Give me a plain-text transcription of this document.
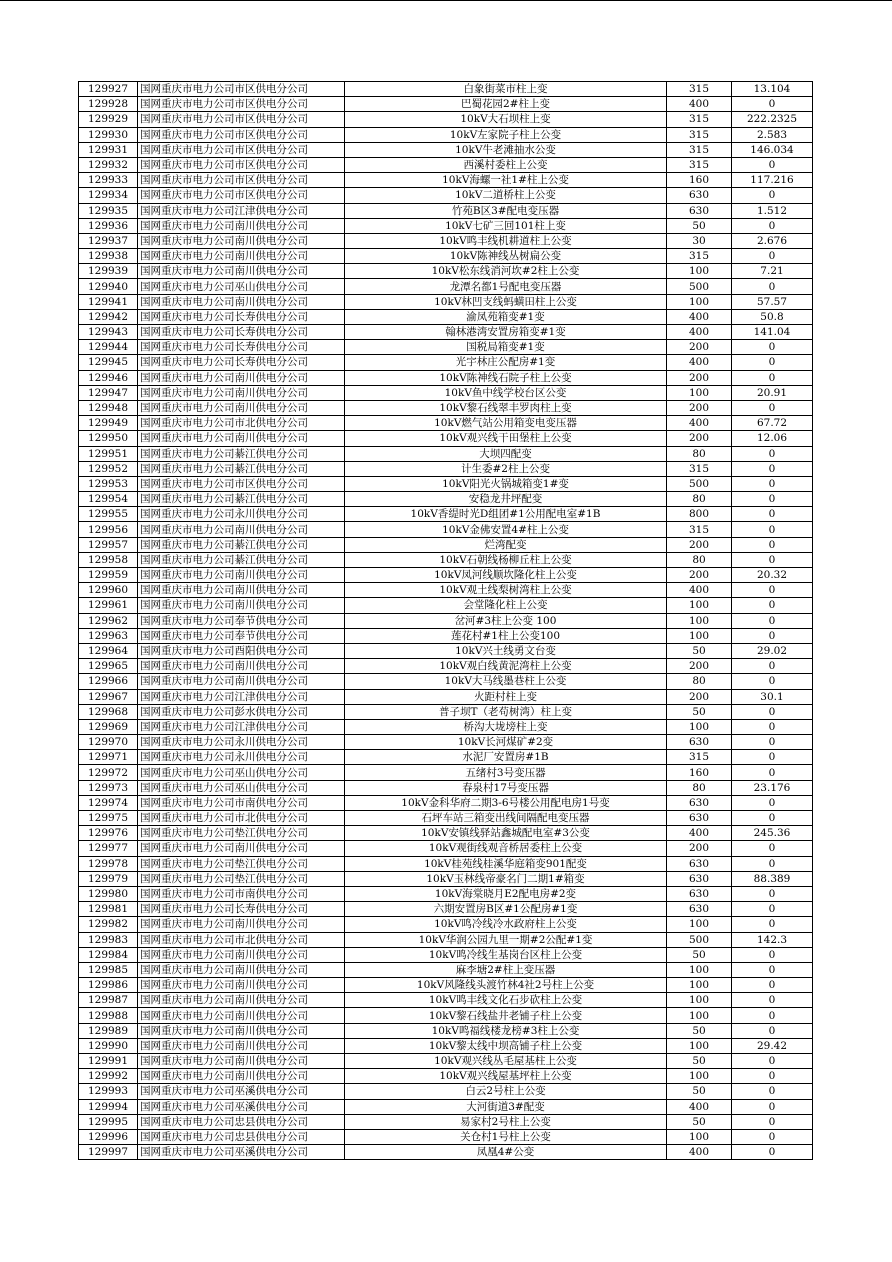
129927	国网重庆市电力公司市区供电分公司	白象街菜市柱上变	315	13.104
129928	国网重庆市电力公司市区供电分公司	巴蜀花园2#柱上变	400	0
129929	国网重庆市电力公司市区供电分公司	10kV大石坝柱上变	315	222.2325
129930	国网重庆市电力公司市区供电分公司	10kV左家院子柱上公变	315	2.583
129931	国网重庆市电力公司市区供电分公司	10kV牛老滩抽水公变	315	146.034
129932	国网重庆市电力公司市区供电分公司	西溪村委柱上公变	315	0
129933	国网重庆市电力公司市区供电分公司	10kV海螺一社1#柱上公变	160	117.216
129934	国网重庆市电力公司市区供电分公司	10kV二道桥柱上公变	630	0
129935	国网重庆市电力公司江津供电分公司	竹苑B区3#配电变压器	630	1.512
129936	国网重庆市电力公司南川供电分公司	10kV七矿三回101柱上变	50	0
129937	国网重庆市电力公司南川供电分公司	10kV鸣丰线机耕道柱上公变	30	2.676
129938	国网重庆市电力公司南川供电分公司	10kV陈神线丛树扁公变	315	0
129939	国网重庆市电力公司南川供电分公司	10kV松东线消河坎#2柱上公变	100	7.21
129940	国网重庆市电力公司巫山供电分公司	龙潭名都1号配电变压器	500	0
129941	国网重庆市电力公司南川供电分公司	10kV林凹支线蚂蟥田柱上公变	100	57.57
129942	国网重庆市电力公司长寿供电分公司	渝凤苑箱变#1变	400	50.8
129943	国网重庆市电力公司长寿供电分公司	翰林港湾安置房箱变#1变	400	141.04
129944	国网重庆市电力公司长寿供电分公司	国税局箱变#1变	200	0
129945	国网重庆市电力公司长寿供电分公司	光宇林庄公配房#1变	400	0
129946	国网重庆市电力公司南川供电分公司	10kV陈神线石院子柱上公变	200	0
129947	国网重庆市电力公司南川供电分公司	10kV鱼中线学校台区公变	100	20.91
129948	国网重庆市电力公司南川供电分公司	10kV黎石线翠丰罗肉柱上变	200	0
129949	国网重庆市电力公司市北供电分公司	10kV燃气站公用箱变电变压器	400	67.72
129950	国网重庆市电力公司南川供电分公司	10kV观兴线干田堡柱上公变	200	12.06
129951	国网重庆市电力公司綦江供电分公司	大坝四配变	80	0
129952	国网重庆市电力公司綦江供电分公司	计生委#2柱上公变	315	0
129953	国网重庆市电力公司市区供电分公司	10kV阳光火锅城箱变1#变	500	0
129954	国网重庆市电力公司綦江供电分公司	安稳龙井坪配变	80	0
129955	国网重庆市电力公司永川供电分公司	10kV香缇时光D组团#1公用配电室#1B	800	0
129956	国网重庆市电力公司南川供电分公司	10kV金佛安置4#柱上公变	315	0
129957	国网重庆市电力公司綦江供电分公司	烂湾配变	200	0
129958	国网重庆市电力公司綦江供电分公司	10kV石朝线杨柳丘柱上公变	80	0
129959	国网重庆市电力公司南川供电分公司	10kV凤河线顺坎隆化柱上公变	200	20.32
129960	国网重庆市电力公司南川供电分公司	10kV观土线梨树湾柱上公变	400	0
129961	国网重庆市电力公司南川供电分公司	会堂隆化柱上公变	100	0
129962	国网重庆市电力公司奉节供电分公司	岔河#3柱上公变 100	100	0
129963	国网重庆市电力公司奉节供电分公司	莲花村#1柱上公变100	100	0
129964	国网重庆市电力公司酉阳供电分公司	10kV兴土线勇文台变	50	29.02
129965	国网重庆市电力公司南川供电分公司	10kV观白线黄泥湾柱上公变	200	0
129966	国网重庆市电力公司南川供电分公司	10kV大马线墨巷柱上公变	80	0
129967	国网重庆市电力公司江津供电分公司	火距村柱上变	200	30.1
129968	国网重庆市电力公司彭水供电分公司	普子坝T（老苟树湾）柱上变	50	0
129969	国网重庆市电力公司江津供电分公司	桥沟大垅塝柱上变	100	0
129970	国网重庆市电力公司永川供电分公司	10kV长河煤矿#2变	630	0
129971	国网重庆市电力公司永川供电分公司	水泥厂安置房#1B	315	0
129972	国网重庆市电力公司巫山供电分公司	五绪村3号变压器	160	0
129973	国网重庆市电力公司巫山供电分公司	春泉村17号变压器	80	23.176
129974	国网重庆市电力公司市南供电分公司	10kV金科华府二期3-6号楼公用配电房1号变	630	0
129975	国网重庆市电力公司市北供电分公司	石坪车站三箱变出线间隔配电变压器	630	0
129976	国网重庆市电力公司垫江供电分公司	10kV安镇线驿站鑫城配电室#3公变	400	245.36
129977	国网重庆市电力公司南川供电分公司	10kV观街线观音桥居委柱上公变	200	0
129978	国网重庆市电力公司垫江供电分公司	10kV桂苑线桂溪华庭箱变901配变	630	0
129979	国网重庆市电力公司垫江供电分公司	10kV玉林线帝豪名门二期1#箱变	630	88.389
129980	国网重庆市电力公司市南供电分公司	10kV海棠晓月E2配电房#2变	630	0
129981	国网重庆市电力公司长寿供电分公司	六期安置房B区#1公配房#1变	630	0
129982	国网重庆市电力公司南川供电分公司	10kV鸣冷线冷水政府柱上公变	100	0
129983	国网重庆市电力公司市北供电分公司	10kV华润公园九里一期#2公配#1变	500	142.3
129984	国网重庆市电力公司南川供电分公司	10kV鸣冷线生基岗台区柱上公变	50	0
129985	国网重庆市电力公司南川供电分公司	麻李塘2#柱上变压器	100	0
129986	国网重庆市电力公司南川供电分公司	10kV风隆线头渡竹林4社2号柱上公变	100	0
129987	国网重庆市电力公司南川供电分公司	10kV鸣丰线文化石步砍柱上公变	100	0
129988	国网重庆市电力公司南川供电分公司	10kV黎石线盐井老铺子柱上公变	100	0
129989	国网重庆市电力公司南川供电分公司	10kV鸣福线楼龙榜#3柱上公变	50	0
129990	国网重庆市电力公司南川供电分公司	10kV黎太线中坝高铺子柱上公变	100	29.42
129991	国网重庆市电力公司南川供电分公司	10kV观兴线丛毛屋基柱上公变	50	0
129992	国网重庆市电力公司南川供电分公司	10kV观兴线屋基坪柱上公变	100	0
129993	国网重庆市电力公司巫溪供电分公司	白云2号柱上公变	50	0
129994	国网重庆市电力公司巫溪供电分公司	大河街道3#配变	400	0
129995	国网重庆市电力公司忠县供电分公司	易家村2号柱上公变	50	0
129996	国网重庆市电力公司忠县供电分公司	关仓村1号柱上公变	100	0
129997	国网重庆市电力公司巫溪供电分公司	凤凰4#公变	400	0
